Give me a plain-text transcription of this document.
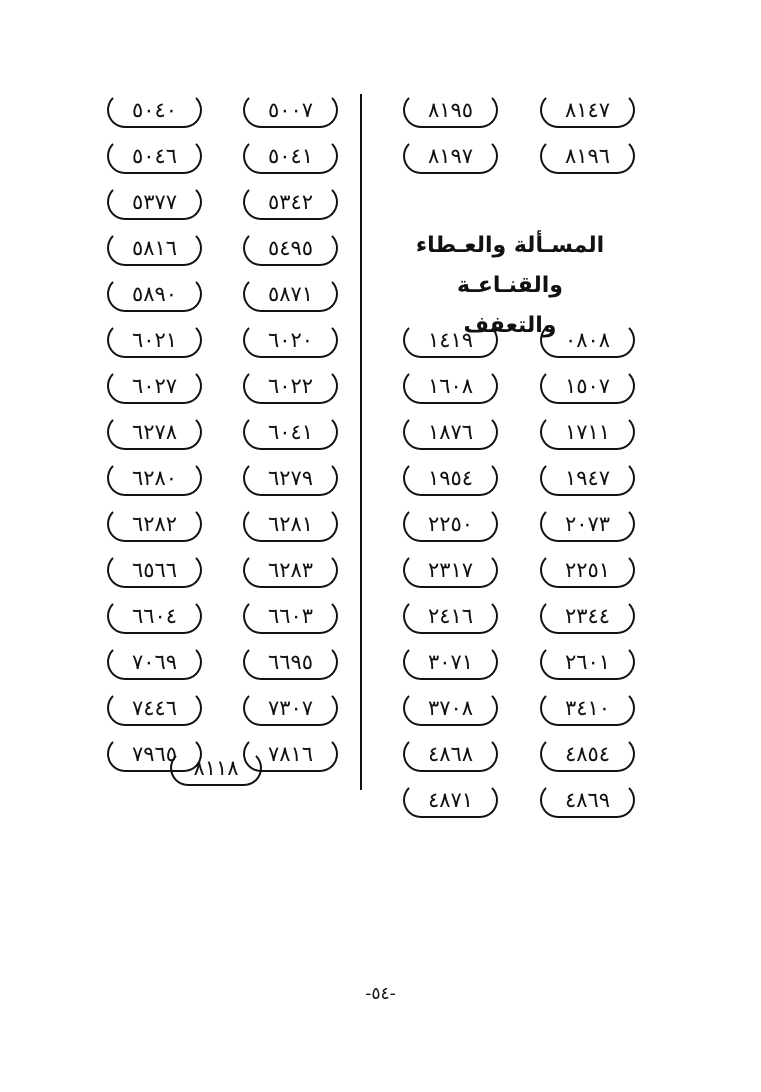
٥٠٠٧
٥٠٤١
٥٣٤٢
٥٤٩٥
٥٨٧١
٦٠٢٠
٦٠٢٢
٦٠٤١
٦٢٧٩
٦٢٨١
٦٢٨٣
٦٦٠٣
٦٦٩٥
٧٣٠٧
٧٨١٦
٥٠٤٠
٥٠٤٦
٥٣٧٧
٥٨١٦
٥٨٩٠
٦٠٢١
٦٠٢٧
٦٢٧٨
٦٢٨٠
٦٢٨٢
٦٥٦٦
٦٦٠٤
٧٠٦٩
٧٤٤٦
٧٩٦٥
٨١١٨
٨١٤٧
٨١٩٦
٠٨٠٨
١٥٠٧
١٧١١
١٩٤٧
٢٠٧٣
٢٢٥١
٢٣٤٤
٢٦٠١
٣٤١٠
٤٨٥٤
٤٨٦٩
٨١٩٥
٨١٩٧
١٤١٩
١٦٠٨
١٨٧٦
١٩٥٤
٢٢٥٠
٢٣١٧
٢٤١٦
٣٠٧١
٣٧٠٨
٤٨٦٨
٤٨٧١
المسـألة والعـطاء والقنـاعـة
والتعفف
-٥٤-
